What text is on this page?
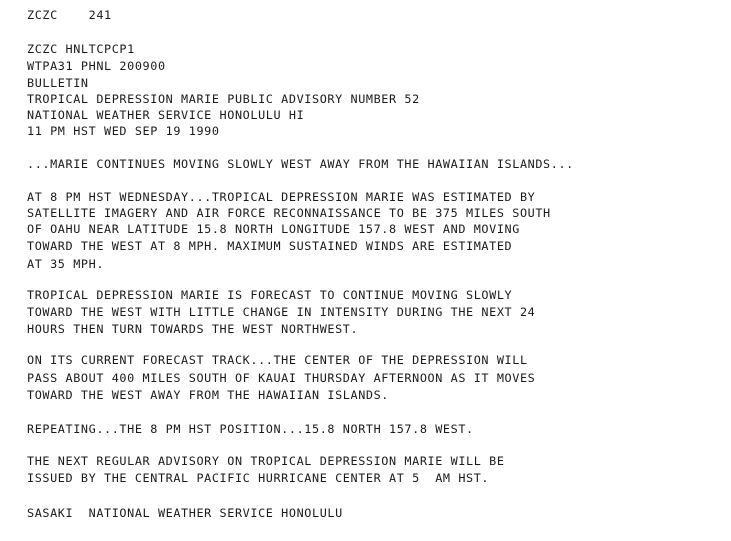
ZCZC    241

ZCZC HNLTCPCP1

WTPA31 PHNL 200900

BULLETIN

TROPICAL DEPRESSION MARIE PUBLIC ADVISORY NUMBER 52

NATIONAL WEATHER SERVICE HONOLULU HI

11 PM HST WED SEP 19 1990

...MARIE CONTINUES MOVING SLOWLY WEST AWAY FROM THE HAWAIIAN ISLANDS...

AT 8 PM HST WEDNESDAY...TROPICAL DEPRESSION MARIE WAS ESTIMATED BY

SATELLITE IMAGERY AND AIR FORCE RECONNAISSANCE TO BE 375 MILES SOUTH

OF OAHU NEAR LATITUDE 15.8 NORTH LONGITUDE 157.8 WEST AND MOVING

TOWARD THE WEST AT 8 MPH. MAXIMUM SUSTAINED WINDS ARE ESTIMATED

AT 35 MPH.

TROPICAL DEPRESSION MARIE IS FORECAST TO CONTINUE MOVING SLOWLY

TOWARD THE WEST WITH LITTLE CHANGE IN INTENSITY DURING THE NEXT 24

HOURS THEN TURN TOWARDS THE WEST NORTHWEST.

ON ITS CURRENT FORECAST TRACK...THE CENTER OF THE DEPRESSION WILL

PASS ABOUT 400 MILES SOUTH OF KAUAI THURSDAY AFTERNOON AS IT MOVES

TOWARD THE WEST AWAY FROM THE HAWAIIAN ISLANDS.

REPEATING...THE 8 PM HST POSITION...15.8 NORTH 157.8 WEST.

THE NEXT REGULAR ADVISORY ON TROPICAL DEPRESSION MARIE WILL BE

ISSUED BY THE CENTRAL PACIFIC HURRICANE CENTER AT 5  AM HST.

SASAKI  NATIONAL WEATHER SERVICE HONOLULU
